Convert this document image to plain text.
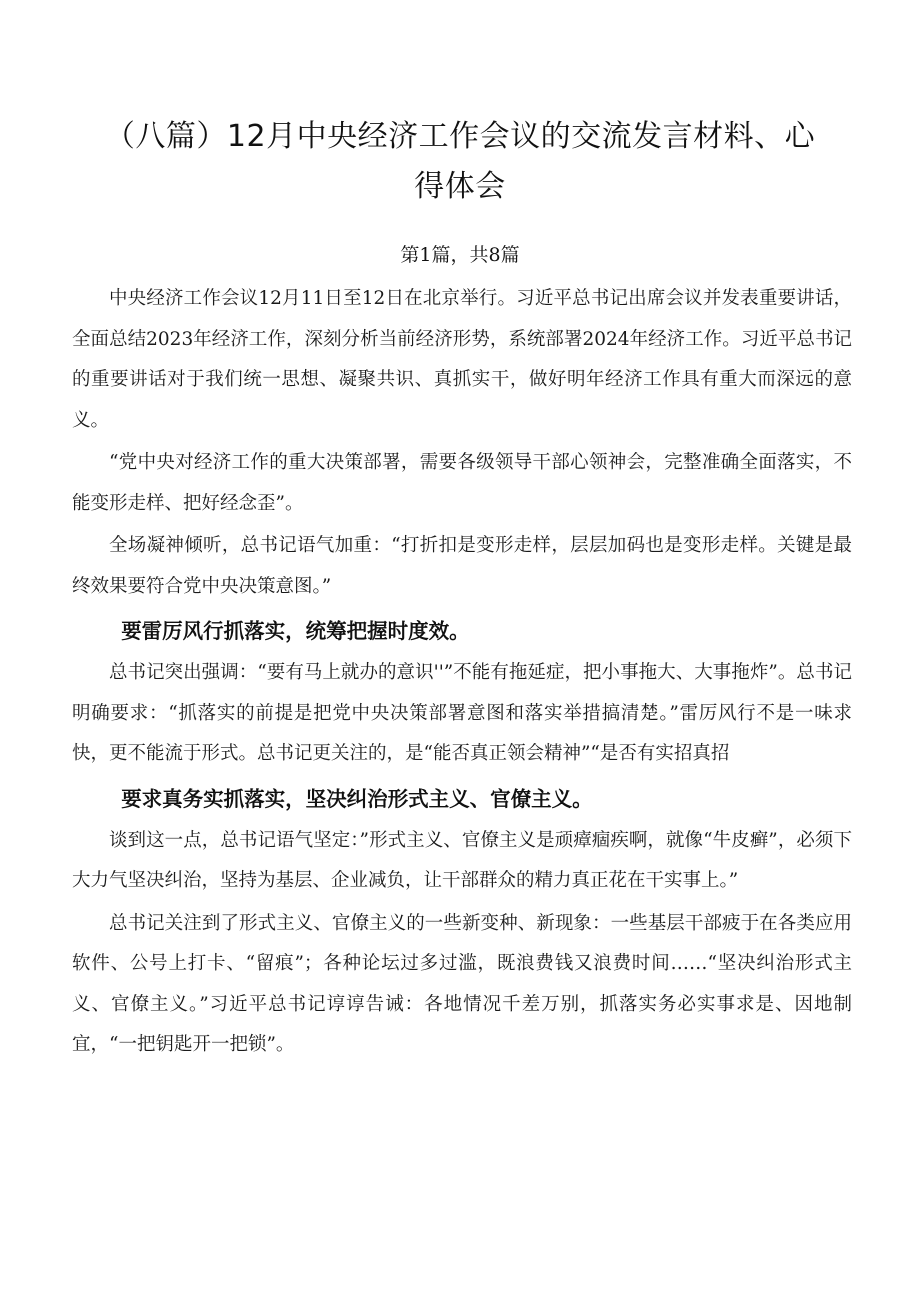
（八篇）12月中央经济工作会议的交流发言材料、心得体会
第1篇，共8篇

中央经济工作会议12月11日至12日在北京举行。习近平总书记出席会议并发表重要讲话，全面总结2023年经济工作，深刻分析当前经济形势，系统部署2024年经济工作。习近平总书记的重要讲话对于我们统一思想、凝聚共识、真抓实干，做好明年经济工作具有重大而深远的意义。

“党中央对经济工作的重大决策部署，需要各级领导干部心领神会，完整准确全面落实，不能变形走样、把好经念歪”。

全场凝神倾听，总书记语气加重：“打折扣是变形走样，层层加码也是变形走样。关键是最终效果要符合党中央决策意图。”

要雷厉风行抓落实，统筹把握时度效。

总书记突出强调：“要有马上就办的意识''”不能有拖延症，把小事拖大、大事拖炸”。总书记明确要求：“抓落实的前提是把党中央决策部署意图和落实举措搞清楚。”雷厉风行不是一味求快，更不能流于形式。总书记更关注的，是“能否真正领会精神”“是否有实招真招

要求真务实抓落实，坚决纠治形式主义、官僚主义。

谈到这一点，总书记语气坚定：”形式主义、官僚主义是顽瘴痼疾啊，就像“牛皮癣”，必须下大力气坚决纠治，坚持为基层、企业减负，让干部群众的精力真正花在干实事上。”

总书记关注到了形式主义、官僚主义的一些新变种、新现象：一些基层干部疲于在各类应用软件、公号上打卡、“留痕”；各种论坛过多过滥，既浪费钱又浪费时间……“坚决纠治形式主义、官僚主义。”习近平总书记谆谆告诫：各地情况千差万别，抓落实务必实事求是、因地制宜，“一把钥匙开一把锁”。
